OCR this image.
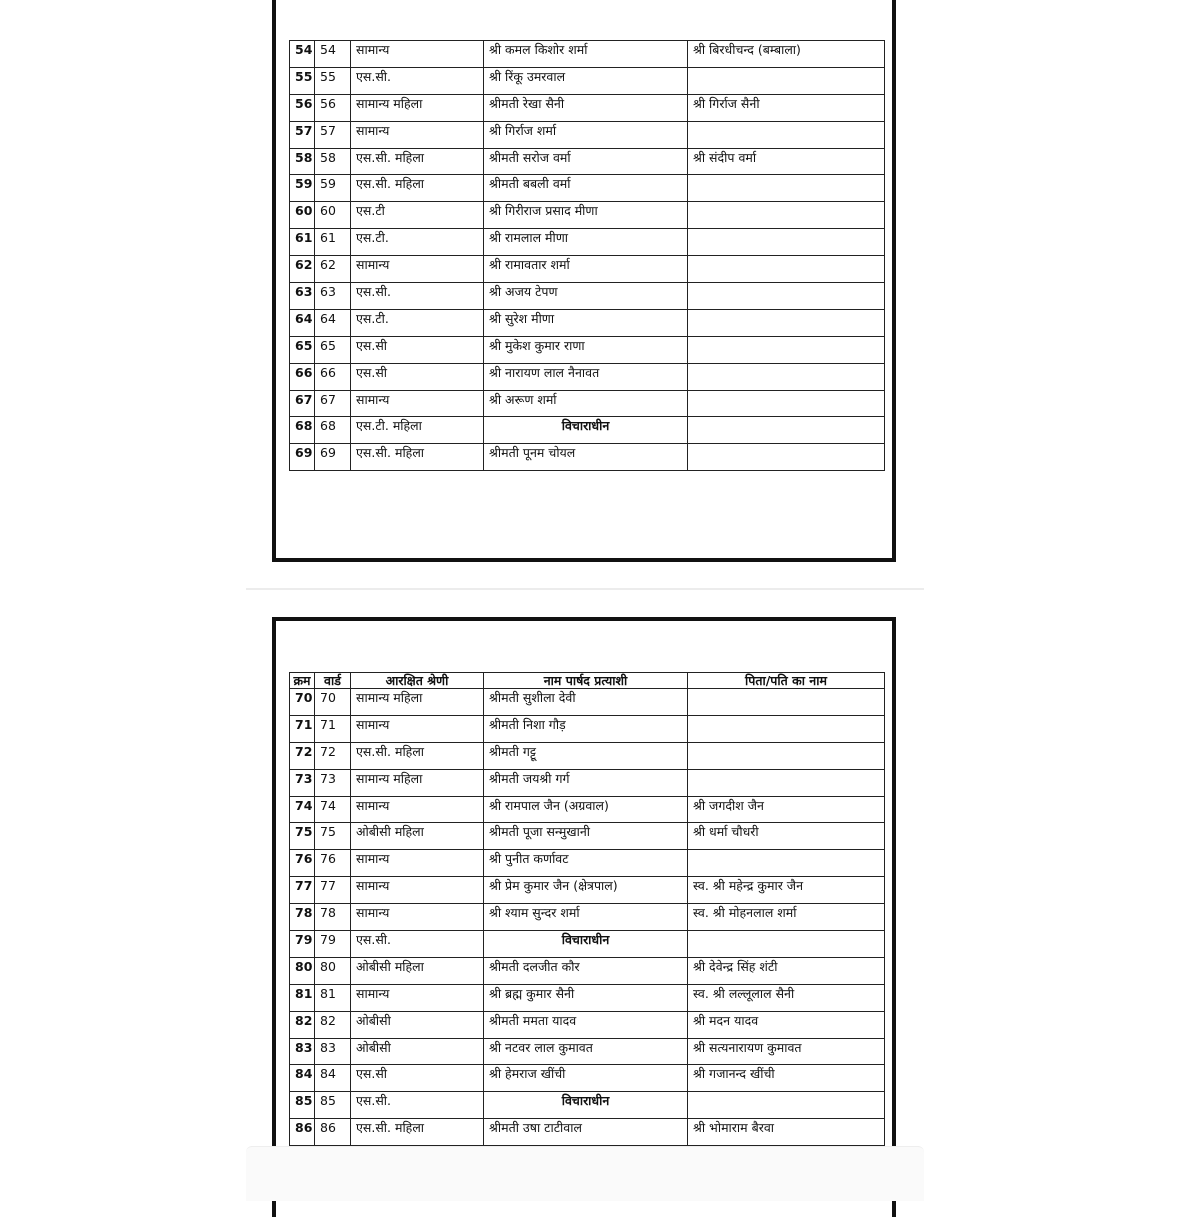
54	54	सामान्य	श्री कमल किशोर शर्मा	श्री बिरधीचन्द (बम्बाला)
55	55	एस.सी.	श्री रिंकू उमरवाल	
56	56	सामान्य महिला	श्रीमती रेखा सैनी	श्री गिर्राज सैनी
57	57	सामान्य	श्री गिर्राज शर्मा	
58	58	एस.सी. महिला	श्रीमती सरोज वर्मा	श्री संदीप वर्मा
59	59	एस.सी. महिला	श्रीमती बबली वर्मा	
60	60	एस.टी	श्री गिरीराज प्रसाद मीणा	
61	61	एस.टी.	श्री रामलाल मीणा	
62	62	सामान्य	श्री रामावतार शर्मा	
63	63	एस.सी.	श्री अजय टेपण	
64	64	एस.टी.	श्री सुरेश मीणा	
65	65	एस.सी	श्री मुकेश कुमार राणा	
66	66	एस.सी	श्री नारायण लाल नैनावत	
67	67	सामान्य	श्री अरूण शर्मा	
68	68	एस.टी. महिला	विचाराधीन	
69	69	एस.सी. महिला	श्रीमती पूनम चोयल	
क्रम	वार्ड	आरक्षित श्रेणी	नाम पार्षद प्रत्याशी	पिता/पति का नाम
70	70	सामान्य महिला	श्रीमती सुशीला देवी	
71	71	सामान्य	श्रीमती निशा गौड़	
72	72	एस.सी. महिला	श्रीमती गट्टू	
73	73	सामान्य महिला	श्रीमती जयश्री गर्ग	
74	74	सामान्य	श्री रामपाल जैन (अग्रवाल)	श्री जगदीश जैन
75	75	ओबीसी महिला	श्रीमती पूजा सन्मुखानी	श्री धर्मा चौधरी
76	76	सामान्य	श्री पुनीत कर्णावट	
77	77	सामान्य	श्री प्रेम कुमार जैन (क्षेत्रपाल)	स्व. श्री महेन्द्र कुमार जैन
78	78	सामान्य	श्री श्याम सुन्दर शर्मा	स्व. श्री मोहनलाल शर्मा
79	79	एस.सी.	विचाराधीन	
80	80	ओबीसी महिला	श्रीमती दलजीत कौर	श्री देवेन्द्र सिंह शंटी
81	81	सामान्य	श्री ब्रह्म कुमार सैनी	स्व. श्री लल्लूलाल सैनी
82	82	ओबीसी	श्रीमती ममता यादव	श्री मदन यादव
83	83	ओबीसी	श्री नटवर लाल कुमावत	श्री सत्यनारायण कुमावत
84	84	एस.सी	श्री हेमराज खींची	श्री गजानन्द खींची
85	85	एस.सी.	विचाराधीन	
86	86	एस.सी. महिला	श्रीमती उषा टाटीवाल	श्री भोमाराम बैरवा
